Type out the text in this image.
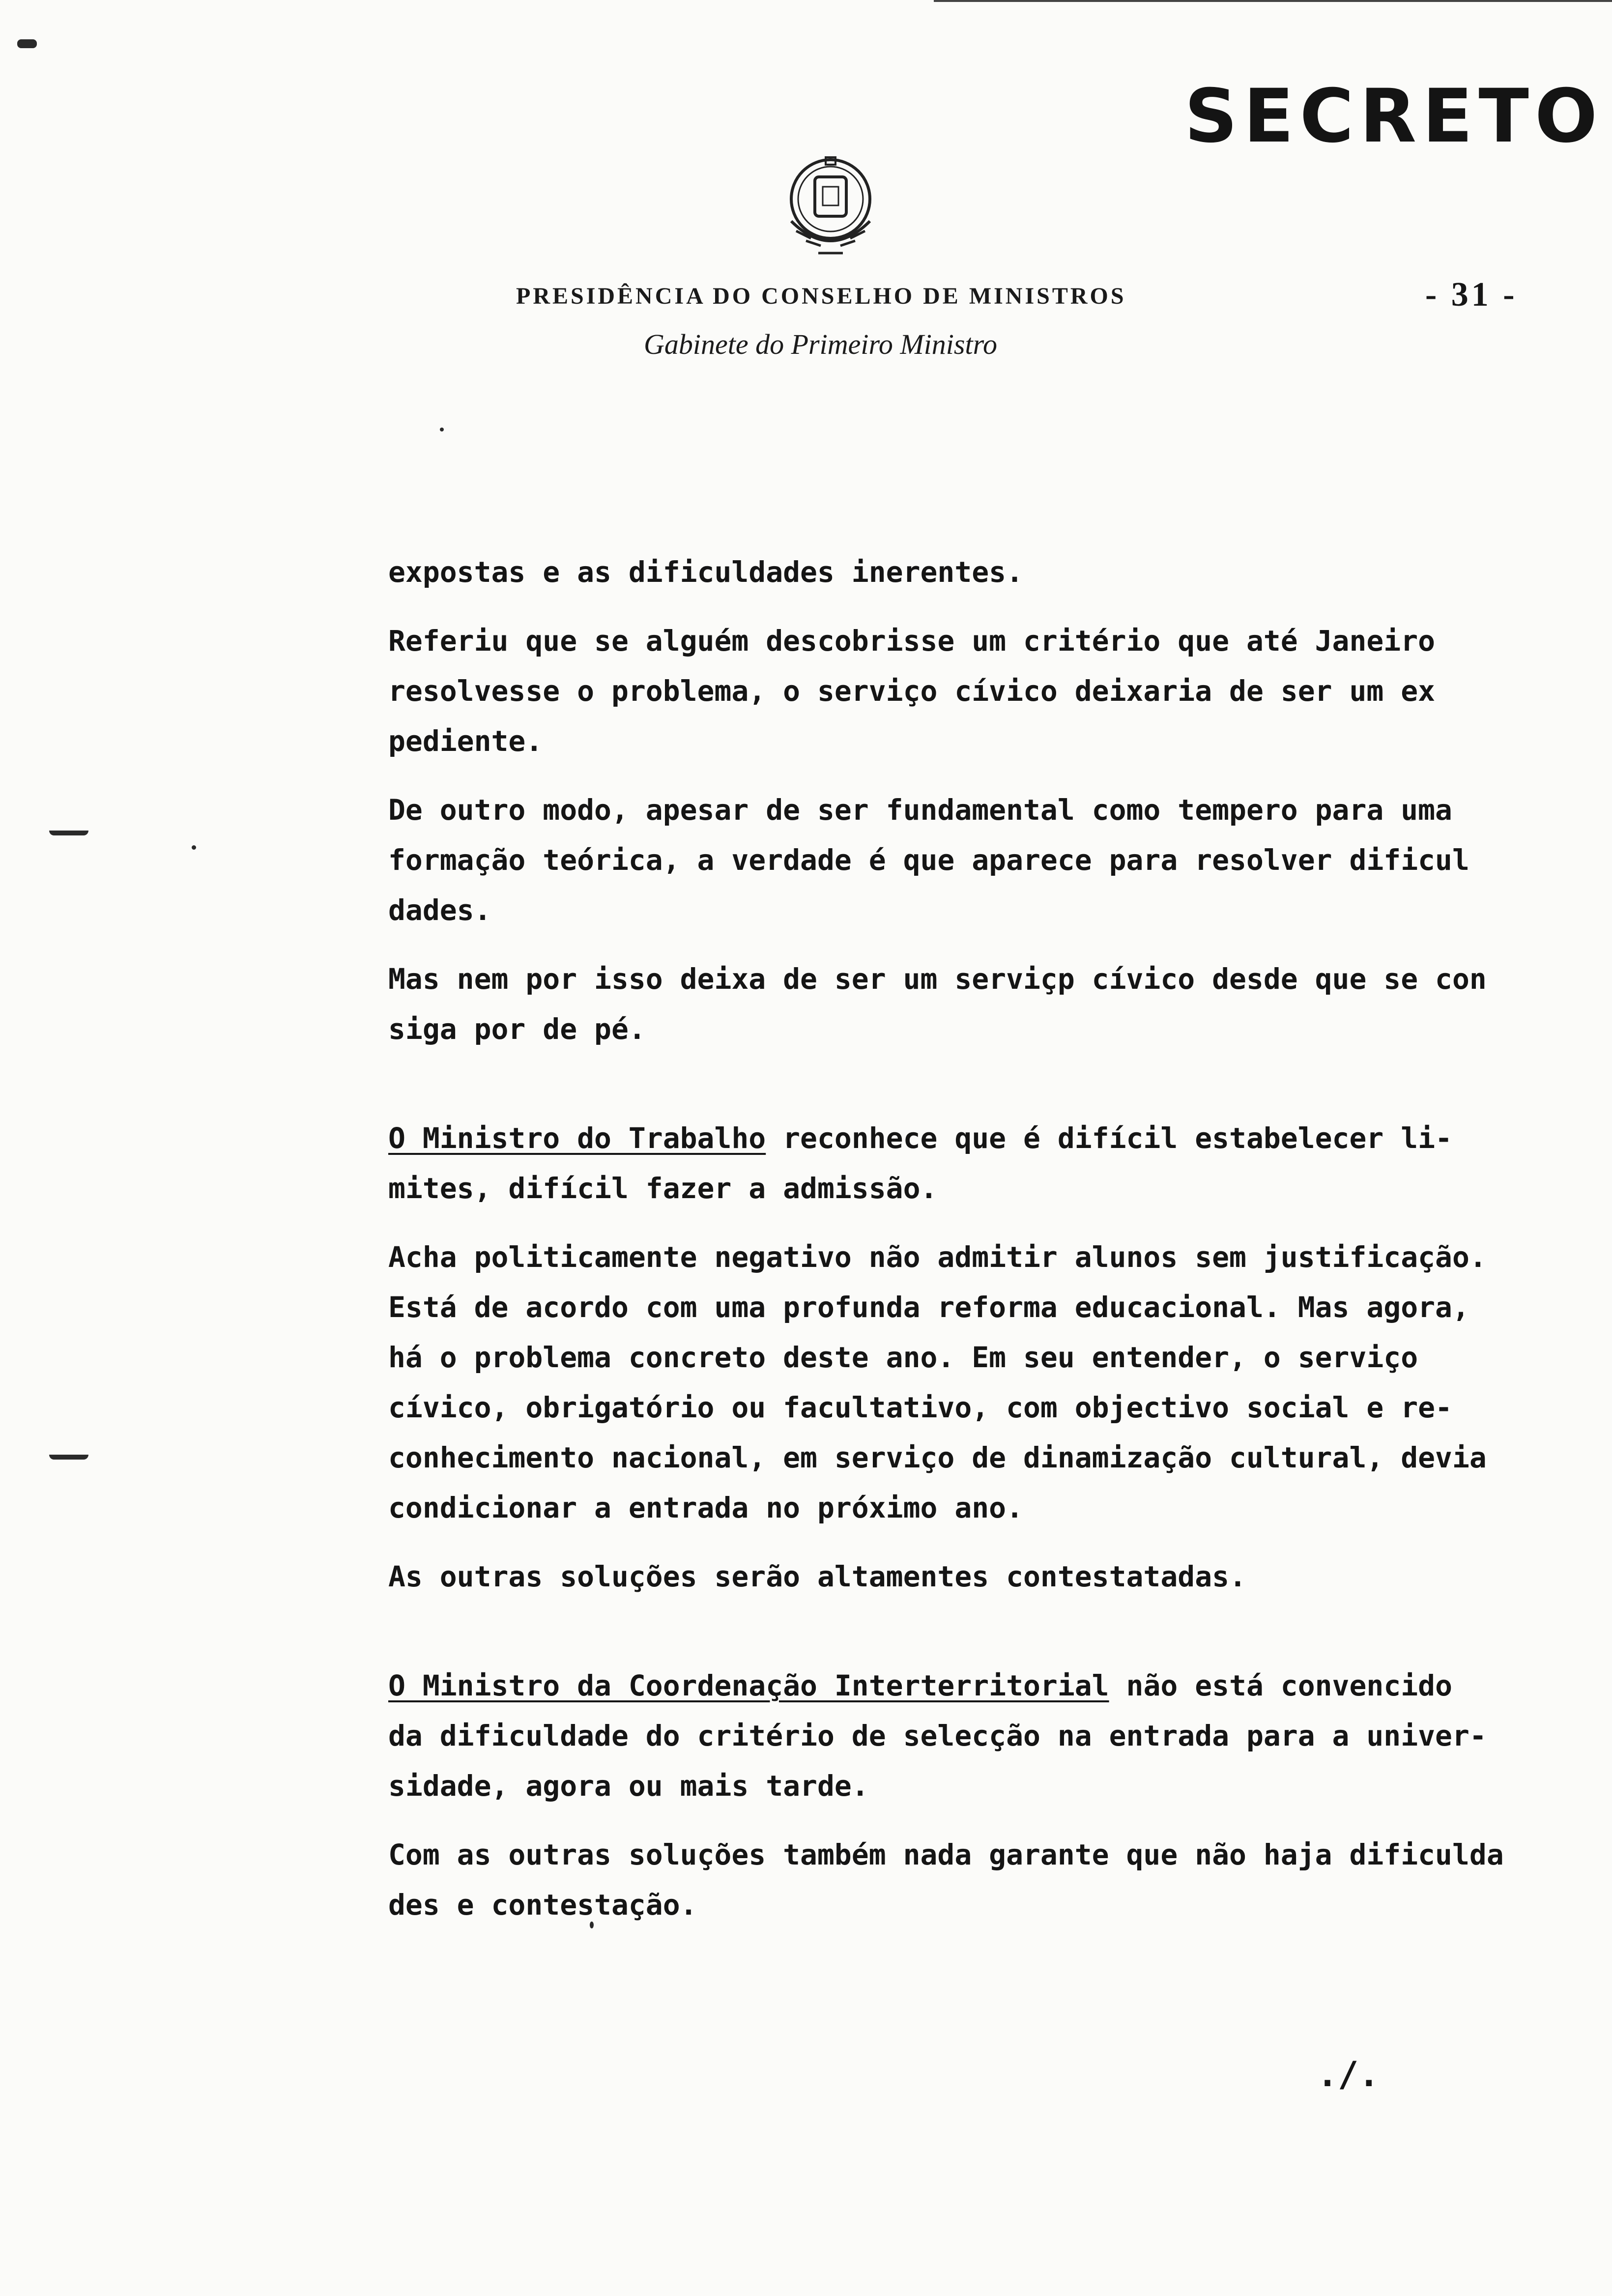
SECRETO
PRESIDÊNCIA DO CONSELHO DE MINISTROS
Gabinete do Primeiro Ministro
- 31 -
expostas e as dificuldades inerentes.
Referiu que se alguém descobrisse um critério que até Janeiro
resolvesse o problema, o serviço cívico deixaria de ser um ex
pediente.
De outro modo, apesar de ser fundamental como tempero para uma
formação teórica, a verdade é que aparece para resolver dificul
dades.
Mas nem por isso deixa de ser um serviçp cívico desde que se con
siga por de pé.
O Ministro do Trabalho reconhece que é difícil estabelecer li-
mites, difícil fazer a admissão.
Acha politicamente negativo não admitir alunos sem justificação.
Está de acordo com uma profunda reforma educacional. Mas agora,
há o problema concreto deste ano. Em seu entender, o serviço
cívico, obrigatório ou facultativo, com objectivo social e re-
conhecimento nacional, em serviço de dinamização cultural, devia
condicionar a entrada no próximo ano.
As outras soluções serão altamentes contestatadas.
O Ministro da Coordenação Interterritorial não está convencido
da dificuldade do critério de selecção na entrada para a univer-
sidade, agora ou mais tarde.
Com as outras soluções também nada garante que não haja dificulda
des e contestação.
./.
